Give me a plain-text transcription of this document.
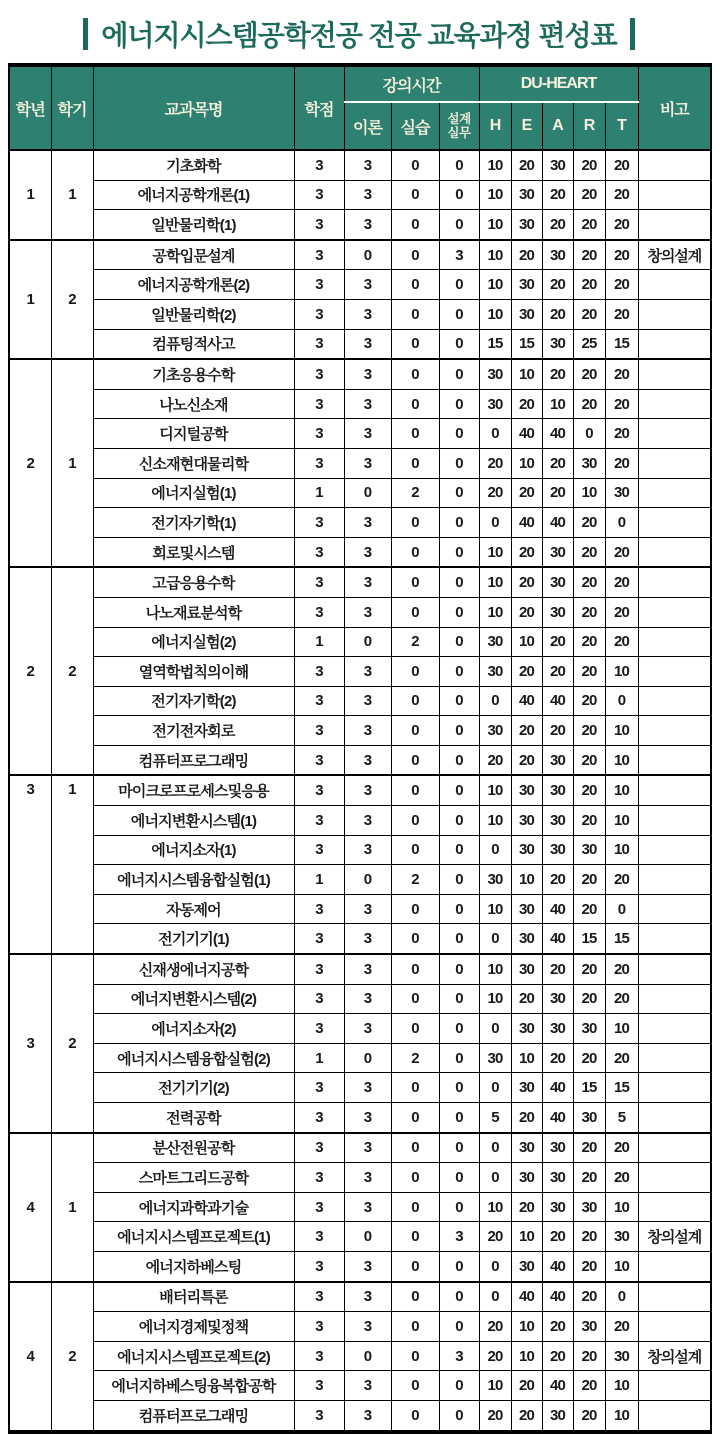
에너지시스템공학전공 전공 교육과정 편성표
학년	학기	교과목명	학점	강의시간			DU-HEART					비고
				이론	실습	설계실무	H	E	A	R	T	
1	1	기초화학	3	3	0	0	10	20	30	20	20	
		에너지공학개론(1)	3	3	0	0	10	30	20	20	20	
		일반물리학(1)	3	3	0	0	10	30	20	20	20	
1	2	공학입문설계	3	0	0	3	10	20	30	20	20	창의설계
		에너지공학개론(2)	3	3	0	0	10	30	20	20	20	
		일반물리학(2)	3	3	0	0	10	30	20	20	20	
		컴퓨팅적사고	3	3	0	0	15	15	30	25	15	
2	1	기초응용수학	3	3	0	0	30	10	20	20	20	
		나노신소재	3	3	0	0	30	20	10	20	20	
		디지털공학	3	3	0	0	0	40	40	0	20	
		신소재현대물리학	3	3	0	0	20	10	20	30	20	
		에너지실험(1)	1	0	2	0	20	20	20	10	30	
		전기자기학(1)	3	3	0	0	0	40	40	20	0	
		회로및시스템	3	3	0	0	10	20	30	20	20	
2	2	고급응용수학	3	3	0	0	10	20	30	20	20	
		나노재료분석학	3	3	0	0	10	20	30	20	20	
		에너지실험(2)	1	0	2	0	30	10	20	20	20	
		열역학법칙의이해	3	3	0	0	30	20	20	20	10	
		전기자기학(2)	3	3	0	0	0	40	40	20	0	
		전기전자회로	3	3	0	0	30	20	20	20	10	
		컴퓨터프로그래밍	3	3	0	0	20	20	30	20	10	
3	1	마이크로프로세스및응용	3	3	0	0	10	30	30	20	10	
		에너지변환시스템(1)	3	3	0	0	10	30	30	20	10	
		에너지소자(1)	3	3	0	0	0	30	30	30	10	
		에너지시스템융합실험(1)	1	0	2	0	30	10	20	20	20	
		자동제어	3	3	0	0	10	30	40	20	0	
		전기기기(1)	3	3	0	0	0	30	40	15	15	
3	2	신재생에너지공학	3	3	0	0	10	30	20	20	20	
		에너지변환시스템(2)	3	3	0	0	10	20	30	20	20	
		에너지소자(2)	3	3	0	0	0	30	30	30	10	
		에너지시스템융합실험(2)	1	0	2	0	30	10	20	20	20	
		전기기기(2)	3	3	0	0	0	30	40	15	15	
		전력공학	3	3	0	0	5	20	40	30	5	
4	1	분산전원공학	3	3	0	0	0	30	30	20	20	
		스마트그리드공학	3	3	0	0	0	30	30	20	20	
		에너지과학과기술	3	3	0	0	10	20	30	30	10	
		에너지시스템프로젝트(1)	3	0	0	3	20	10	20	20	30	창의설계
		에너지하베스팅	3	3	0	0	0	30	40	20	10	
4	2	배터리특론	3	3	0	0	0	40	40	20	0	
		에너지경제및정책	3	3	0	0	20	10	20	30	20	
		에너지시스템프로젝트(2)	3	0	0	3	20	10	20	20	30	창의설계
		에너지하베스팅융복합공학	3	3	0	0	10	20	40	20	10	
		컴퓨터프로그래밍	3	3	0	0	20	20	30	20	10	
